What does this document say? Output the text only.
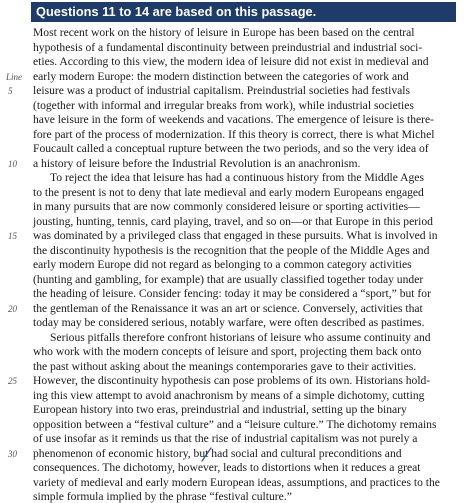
Questions 11 to 14 are based on this passage.
Line
5
10
15
20
25
30
Most recent work on the history of leisure in Europe has been based on the central
hypothesis of a fundamental discontinuity between preindustrial and industrial soci-
eties. According to this view, the modern idea of leisure did not exist in medieval and
early modern Europe: the modern distinction between the categories of work and
leisure was a product of industrial capitalism. Preindustrial societies had festivals
(together with informal and irregular breaks from work), while industrial societies
have leisure in the form of weekends and vacations. The emergence of leisure is there-
fore part of the process of modernization. If this theory is correct, there is what Michel
Foucault called a conceptual rupture between the two periods, and so the very idea of
a history of leisure before the Industrial Revolution is an anachronism.
To reject the idea that leisure has had a continuous history from the Middle Ages
to the present is not to deny that late medieval and early modern Europeans engaged
in many pursuits that are now commonly considered leisure or sporting activities—
jousting, hunting, tennis, card playing, travel, and so on—or that Europe in this period
was dominated by a privileged class that engaged in these pursuits. What is involved in
the discontinuity hypothesis is the recognition that the people of the Middle Ages and
early modern Europe did not regard as belonging to a common category activities
(hunting and gambling, for example) that are usually classified together today under
the heading of leisure. Consider fencing: today it may be considered a “sport,” but for
the gentleman of the Renaissance it was an art or science. Conversely, activities that
today may be considered serious, notably warfare, were often described as pastimes.
Serious pitfalls therefore confront historians of leisure who assume continuity and
who work with the modern concepts of leisure and sport, projecting them back onto
the past without asking about the meanings contemporaries gave to their activities.
However, the discontinuity hypothesis can pose problems of its own. Historians hold-
ing this view attempt to avoid anachronism by means of a simple dichotomy, cutting
European history into two eras, preindustrial and industrial, setting up the binary
opposition between a “festival culture” and a “leisure culture.” The dichotomy remains
of use insofar as it reminds us that the rise of industrial capitalism was not purely a
phenomenon of economic history, but had social and cultural preconditions and
consequences. The dichotomy, however, leads to distortions when it reduces a great
variety of medieval and early modern European ideas, assumptions, and practices to the
simple formula implied by the phrase “festival culture.”
